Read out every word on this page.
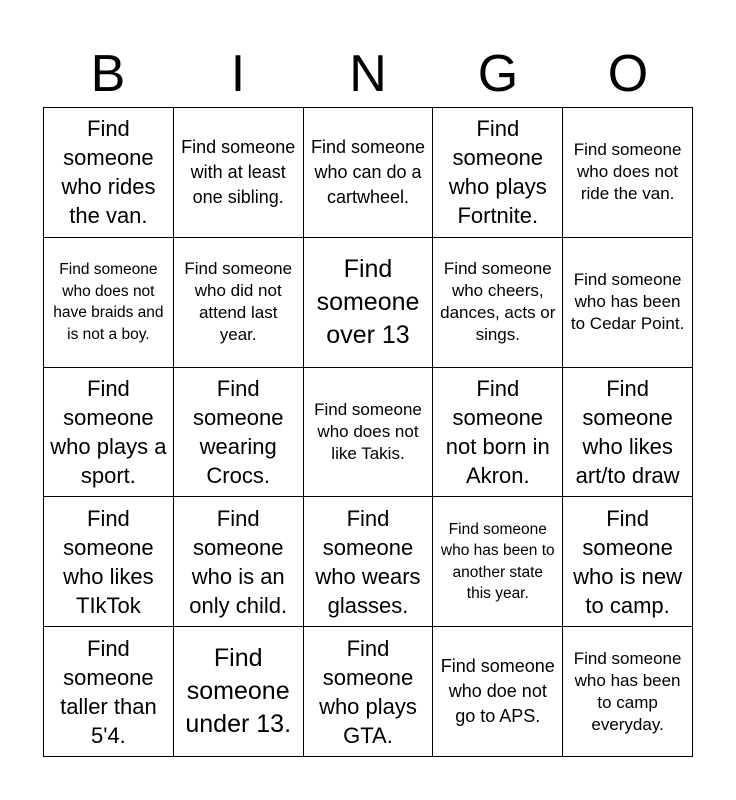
B	I	N	G	O
Find someone who rides the van.
Find someone with at least one sibling.
Find someone who can do a cartwheel.
Find someone who plays Fortnite.
Find someone who does not ride the van.
Find someone who does not have braids and is not a boy.
Find someone who did not attend last year.
Find someone over 13
Find someone who cheers, dances, acts or sings.
Find someone who has been to Cedar Point.
Find someone who plays a sport.
Find someone wearing Crocs.
Find someone who does not like Takis.
Find someone not born in Akron.
Find someone who likes art/to draw
Find someone who likes TIkTok
Find someone who is an only child.
Find someone who wears glasses.
Find someone who has been to another state this year.
Find someone who is new to camp.
Find someone taller than 5'4.
Find someone under 13.
Find someone who plays GTA.
Find someone who doe not go to APS.
Find someone who has been to camp everyday.
